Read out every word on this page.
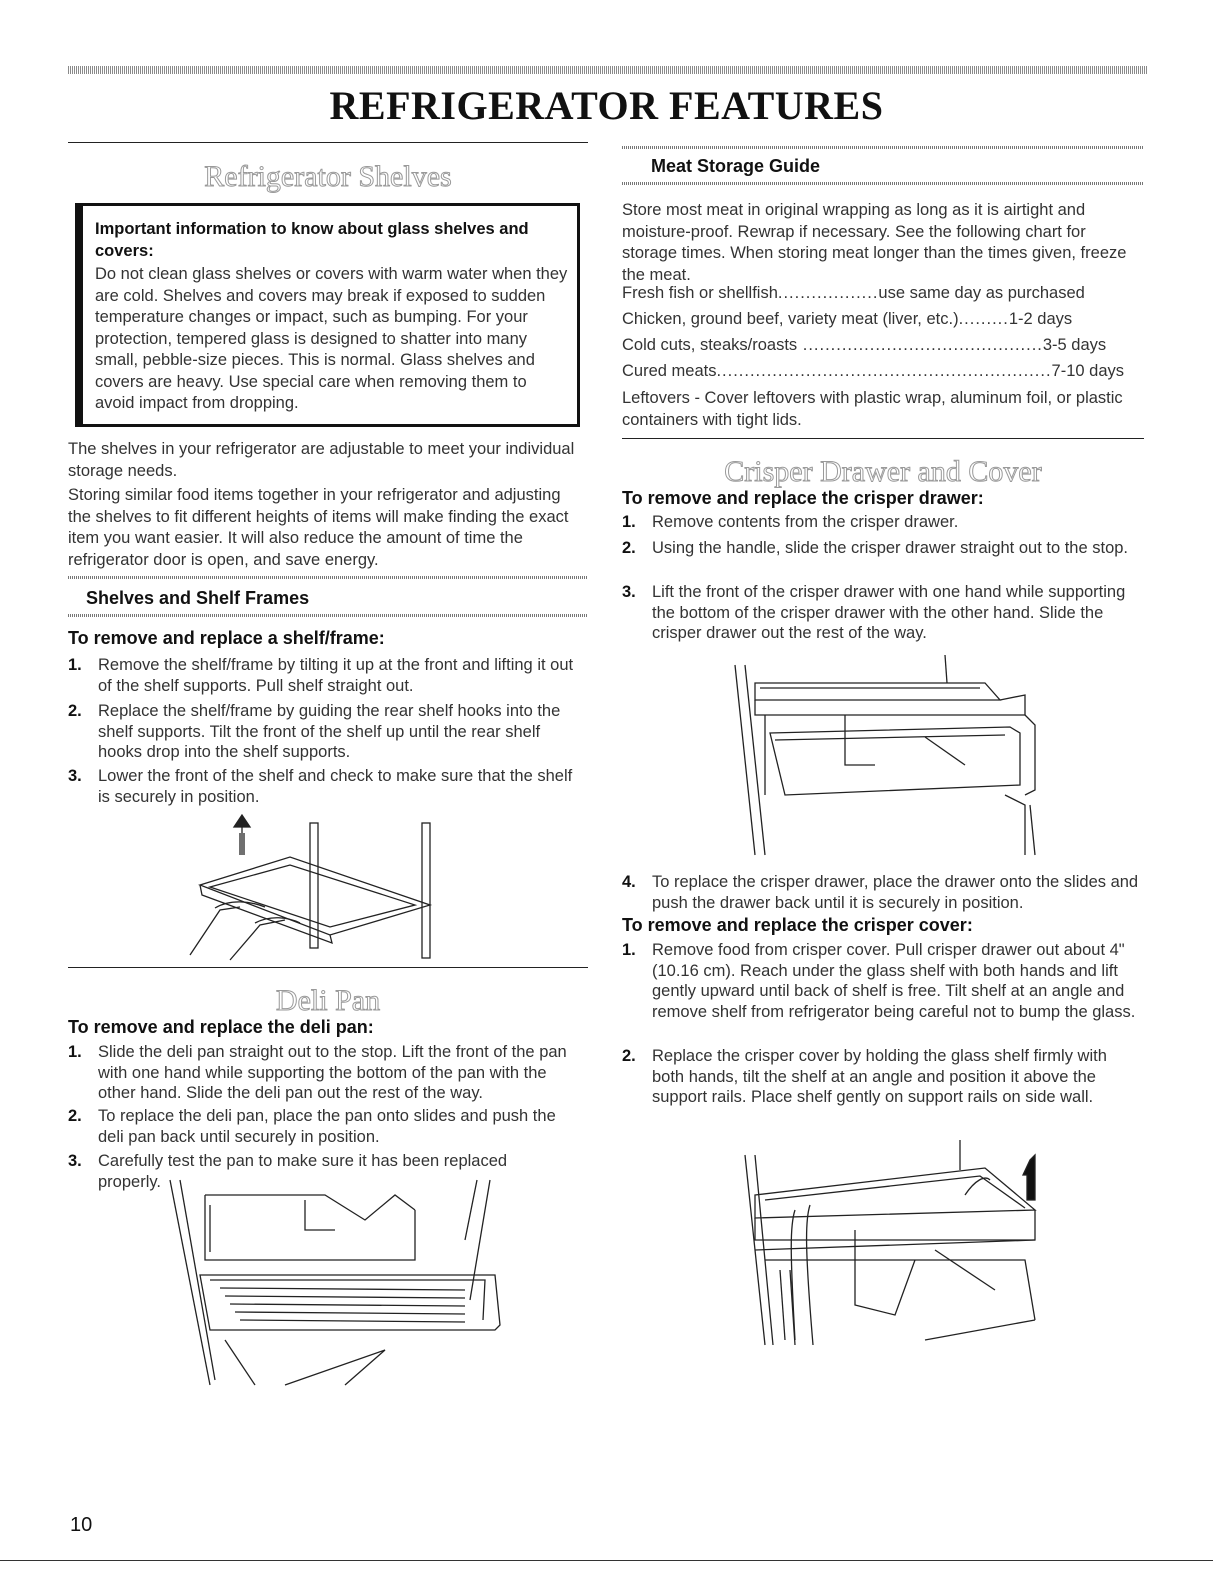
REFRIGERATOR FEATURES
Refrigerator Shelves
Important information to know about glass shelves and covers:
Do not clean glass shelves or covers with warm water when they are cold. Shelves and covers may break if exposed to sudden temperature changes or impact, such as bumping. For your protection, tempered glass is designed to shatter into many small, pebble-size pieces. This is normal. Glass shelves and covers are heavy. Use special care when removing them to avoid impact from dropping.
The shelves in your refrigerator are adjustable to meet your individual storage needs.
Storing similar food items together in your refrigerator and adjusting the shelves to fit different heights of items will make finding the exact item you want easier. It will also reduce the amount of time the refrigerator door is open, and save energy.
Shelves and Shelf Frames
To remove and replace a shelf/frame:
1. Remove the shelf/frame by tilting it up at the front and lifting it out of the shelf supports. Pull shelf straight out.
2. Replace the shelf/frame by guiding the rear shelf hooks into the shelf supports. Tilt the front of the shelf up until the rear shelf hooks drop into the shelf supports.
3. Lower the front of the shelf and check to make sure that the shelf is securely in position.
Deli Pan
To remove and replace the deli pan:
1. Slide the deli pan straight out to the stop. Lift the front of the pan with one hand while supporting the bottom of the pan with the other hand. Slide the deli pan out the rest of the way.
2. To replace the deli pan, place the pan onto slides and push the deli pan back until securely in position.
3. Carefully test the pan to make sure it has been replaced properly.
Meat Storage Guide
Store most meat in original wrapping as long as it is airtight and moisture-proof. Rewrap if necessary. See the following chart for storage times. When storing meat longer than the times given, freeze the meat.
Fresh fish or shellfish..................use same day as purchased
Chicken, ground beef, variety meat (liver, etc.).........1-2 days
Cold cuts, steaks/roasts ...........................................3-5 days
Cured meats............................................................7-10 days
Leftovers - Cover leftovers with plastic wrap, aluminum foil, or plastic containers with tight lids.
Crisper Drawer and Cover
To remove and replace the crisper drawer:
1. Remove contents from the crisper drawer.
2. Using the handle, slide the crisper drawer straight out to the stop.
3. Lift the front of the crisper drawer with one hand while supporting the bottom of the crisper drawer with the other hand. Slide the crisper drawer out the rest of the way.
4. To replace the crisper drawer, place the drawer onto the slides and push the drawer back until it is securely in position.
To remove and replace the crisper cover:
1. Remove food from crisper cover. Pull crisper drawer out about 4" (10.16 cm). Reach under the glass shelf with both hands and lift gently upward until back of shelf is free. Tilt shelf at an angle and remove shelf from refrigerator being careful not to bump the glass.
2. Replace the crisper cover by holding the glass shelf firmly with both hands, tilt the shelf at an angle and position it above the support rails. Place shelf gently on support rails on side wall.
10
